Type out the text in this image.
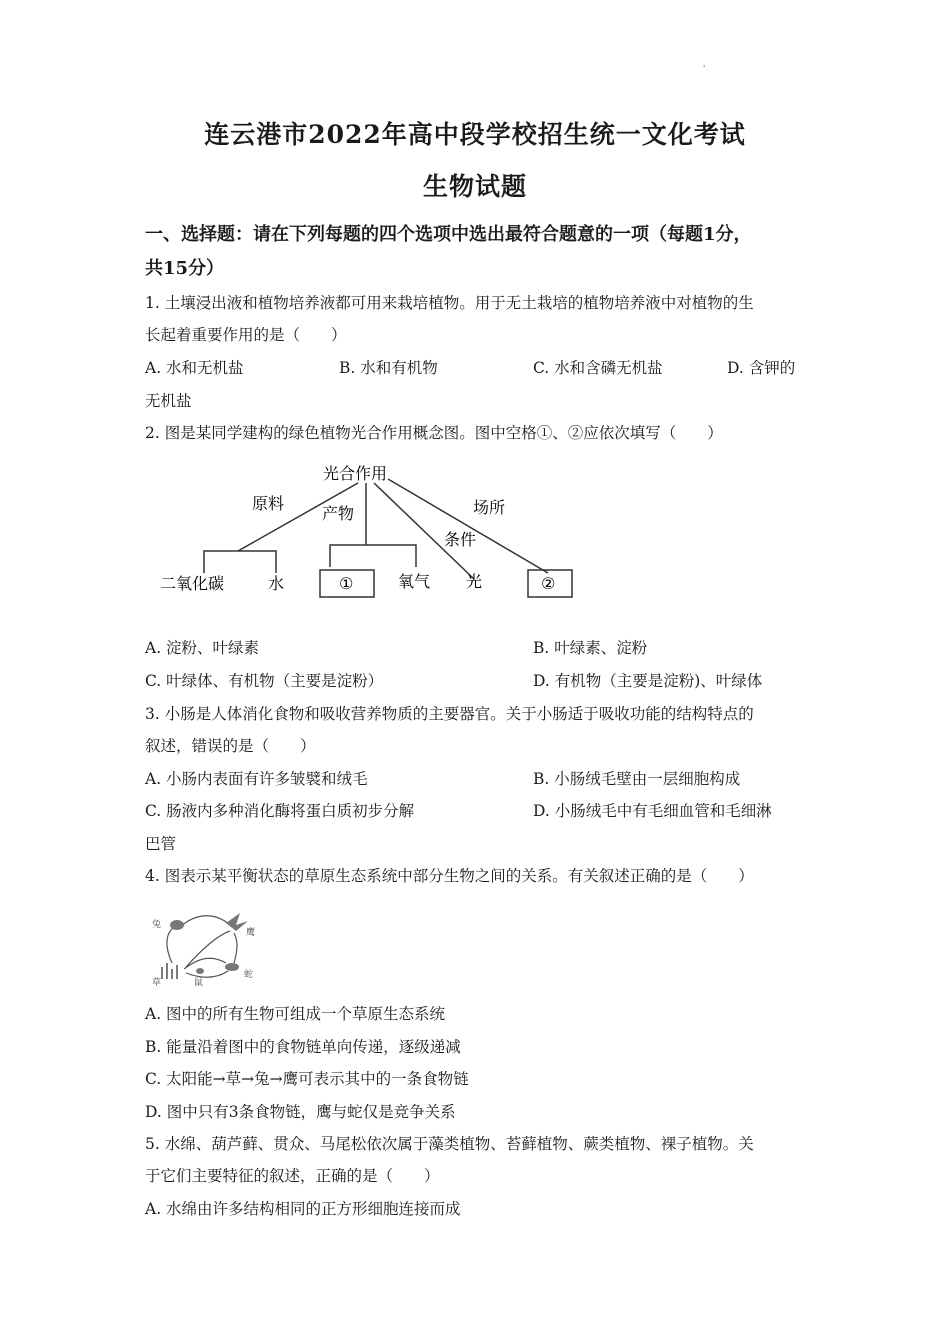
'
连云港市2022年高中段学校招生统一文化考试
生物试题
一、选择题：请在下列每题的四个选项中选出最符合题意的一项（每题1分，
共15分）
1. 土壤浸出液和植物培养液都可用来栽培植物。用于无土栽培的植物培养液中对植物的生
长起着重要作用的是（　　）
A. 水和无机盐	B. 水和有机物	C. 水和含磷无机盐	D. 含钾的
无机盐
2. 图是某同学建构的绿色植物光合作用概念图。图中空格①、②应依次填写（　　）
光合作用
原料
产物	场所
条件
二氧化碳	水	①	氧气 光	②
A. 淀粉、叶绿素	B. 叶绿素、淀粉
C. 叶绿体、有机物（主要是淀粉）	D. 有机物（主要是淀粉)、叶绿体
3. 小肠是人体消化食物和吸收营养物质的主要器官。关于小肠适于吸收功能的结构特点的
叙述，错误的是（　　）
A. 小肠内表面有许多皱襞和绒毛	B. 小肠绒毛壁由一层细胞构成
C. 肠液内多种消化酶将蛋白质初步分解	D. 小肠绒毛中有毛细血管和毛细淋
巴管
4. 图表示某平衡状态的草原生态系统中部分生物之间的关系。有关叙述正确的是（　　）
兔
鹰
草	鼠
蛇
A. 图中的所有生物可组成一个草原生态系统
B. 能量沿着图中的食物链单向传递，逐级递减
C. 太阳能→草→兔→鹰可表示其中的一条食物链
D. 图中只有3条食物链，鹰与蛇仅是竞争关系
5. 水绵、葫芦藓、贯众、马尾松依次属于藻类植物、苔藓植物、蕨类植物、裸子植物。关
于它们主要特征的叙述，正确的是（　　）
A. 水绵由许多结构相同的正方形细胞连接而成
